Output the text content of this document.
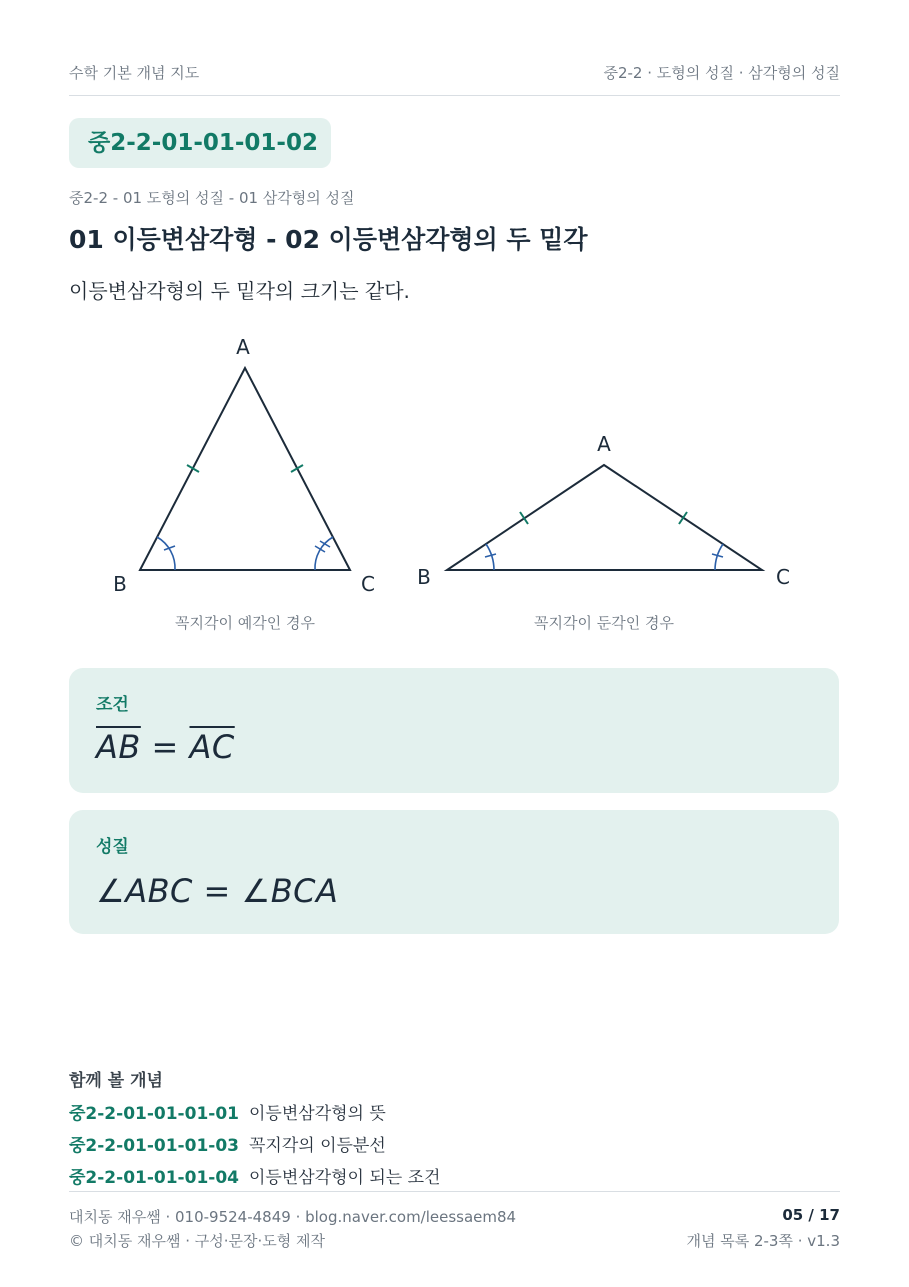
수학 기본 개념 지도	중2-2 · 도형의 성질 · 삼각형의 성질
중2-2-01-01-01-02
중2-2 - 01 도형의 성질 - 01 삼각형의 성질
01 이등변삼각형 - 02 이등변삼각형의 두 밑각
이등변삼각형의 두 밑각의 크기는 같다.
A
B	C
A
B	C
꼭지각이 예각인 경우	꼭지각이 둔각인 경우
조건
$\overline{AB} = \overline{AC}$
성질
∠ABC = ∠BCA
함께 볼 개념
중2-2-01-01-01-01 이등변삼각형의 뜻
중2-2-01-01-01-03 꼭지각의 이등분선
중2-2-01-01-01-04 이등변삼각형이 되는 조건
대치동 재우쌤 · 010-9524-4849 · blog.naver.com/leessaem84
© 대치동 재우쌤 · 구성·문장·도형 제작
05 / 17
개념 목록 2-3쪽 · v1.3
